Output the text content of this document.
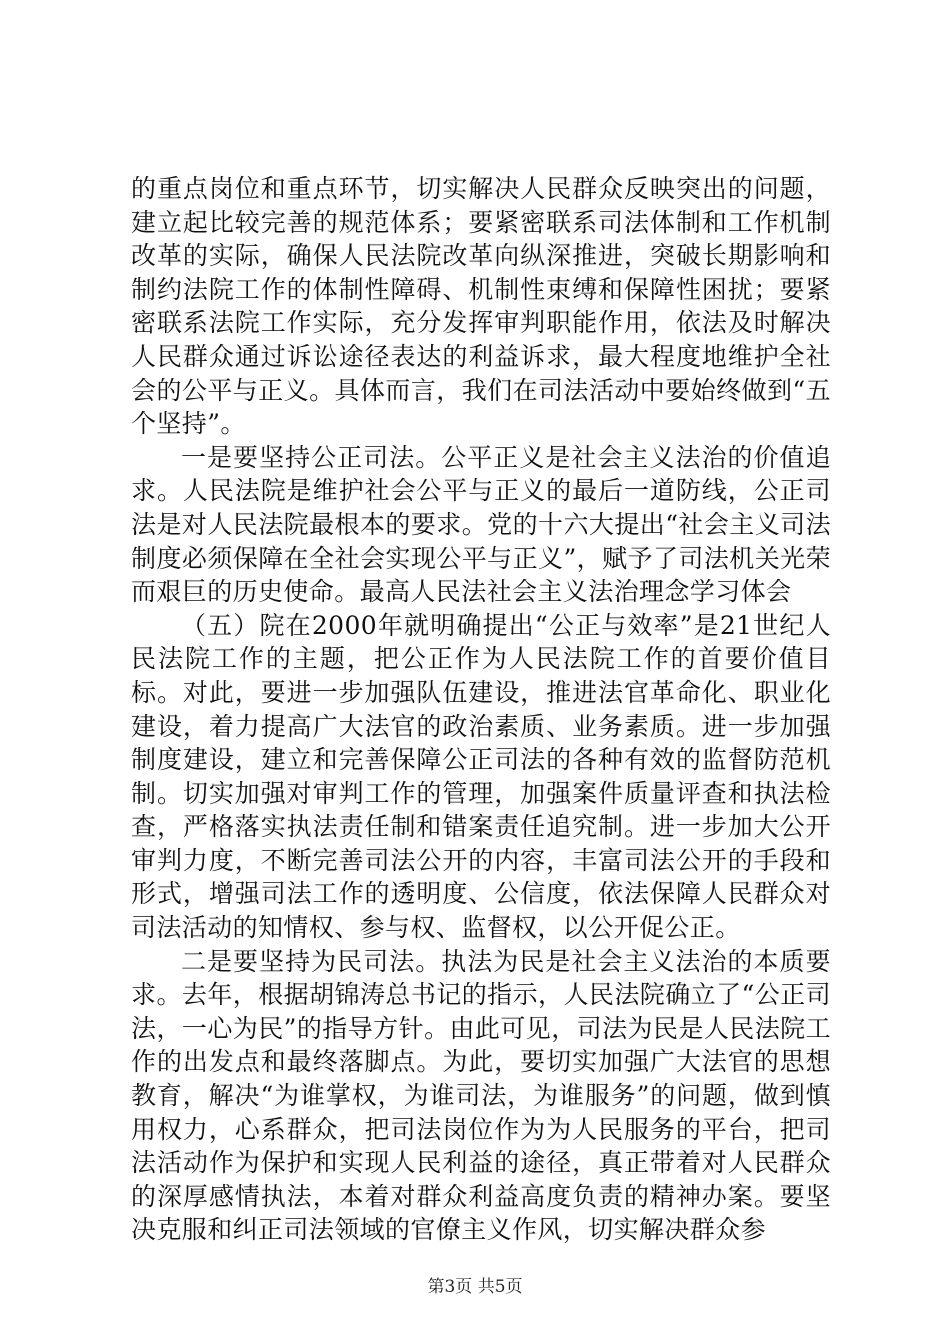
的重点岗位和重点环节，切实解决人民群众反映突出的问题，建立起比较完善的规范体系；要紧密联系司法体制和工作机制改革的实际，确保人民法院改革向纵深推进，突破长期影响和制约法院工作的体制性障碍、机制性束缚和保障性困扰；要紧密联系法院工作实际，充分发挥审判职能作用，依法及时解决人民群众通过诉讼途径表达的利益诉求，最大程度地维护全社会的公平与正义。具体而言，我们在司法活动中要始终做到“五个坚持”。

一是要坚持公正司法。公平正义是社会主义法治的价值追求。人民法院是维护社会公平与正义的最后一道防线，公正司法是对人民法院最根本的要求。党的十六大提出“社会主义司法制度必须保障在全社会实现公平与正义”，赋予了司法机关光荣而艰巨的历史使命。最高人民法社会主义法治理念学习体会

（五）院在2000年就明确提出“公正与效率”是21世纪人民法院工作的主题，把公正作为人民法院工作的首要价值目标。对此，要进一步加强队伍建设，推进法官革命化、职业化建设，着力提高广大法官的政治素质、业务素质。进一步加强制度建设，建立和完善保障公正司法的各种有效的监督防范机制。切实加强对审判工作的管理，加强案件质量评查和执法检查，严格落实执法责任制和错案责任追究制。进一步加大公开审判力度，不断完善司法公开的内容，丰富司法公开的手段和形式，增强司法工作的透明度、公信度，依法保障人民群众对司法活动的知情权、参与权、监督权，以公开促公正。

二是要坚持为民司法。执法为民是社会主义法治的本质要求。去年，根据胡锦涛总书记的指示，人民法院确立了“公正司法，一心为民”的指导方针。由此可见，司法为民是人民法院工作的出发点和最终落脚点。为此，要切实加强广大法官的思想教育，解决“为谁掌权，为谁司法，为谁服务”的问题，做到慎用权力，心系群众，把司法岗位作为为人民服务的平台，把司法活动作为保护和实现人民利益的途径，真正带着对人民群众的深厚感情执法，本着对群众利益高度负责的精神办案。要坚决克服和纠正司法领域的官僚主义作风，切实解决群众参

第3页 共5页
